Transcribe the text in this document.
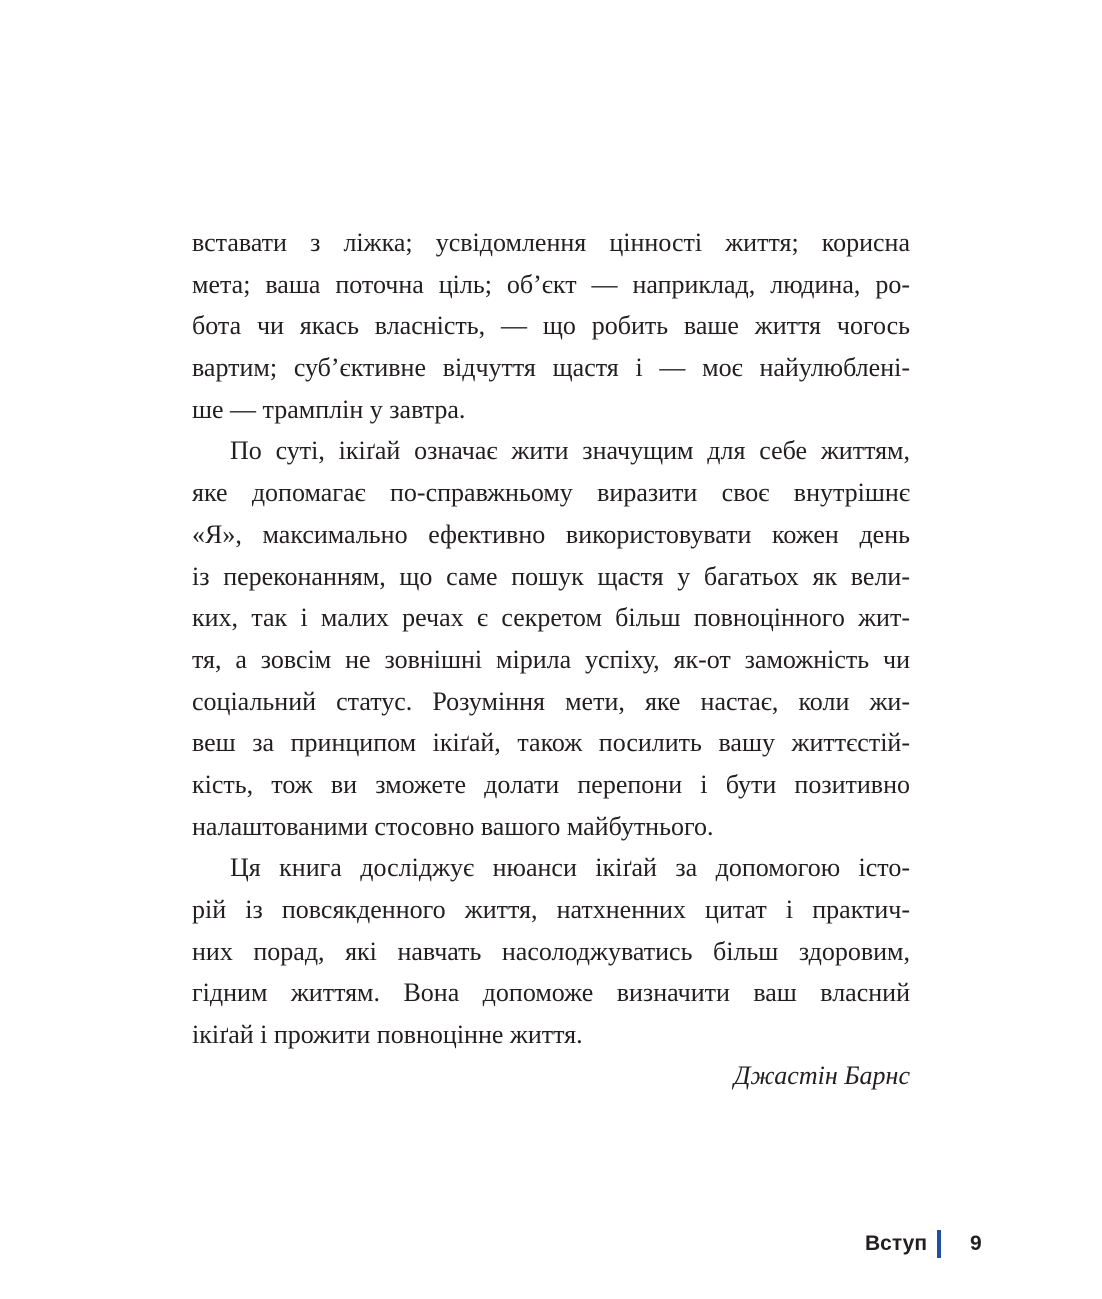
вставати з ліжка; усвідомлення цінності життя; корисна
мета; ваша поточна ціль; об’єкт — наприклад, людина, ро-
бота чи якась власність, — що робить ваше життя чогось
вартим; суб’єктивне відчуття щастя і — моє найулюблені-
ше — трамплін у завтра.
По суті, ікіґай означає жити значущим для себе життям,
яке допомагає по-справжньому виразити своє внутрішнє
«Я», максимально ефективно використовувати кожен день
із переконанням, що саме пошук щастя у багатьох як вели-
ких, так і малих речах є секретом більш повноцінного жит-
тя, а зовсім не зовнішні мірила успіху, як-от заможність чи
соціальний статус. Розуміння мети, яке настає, коли жи-
веш за принципом ікіґай, також посилить вашу життєстій-
кість, тож ви зможете долати перепони і бути позитивно
налаштованими стосовно вашого майбутнього.
Ця книга досліджує нюанси ікіґай за допомогою істо-
рій із повсякденного життя, натхненних цитат і практич-
них порад, які навчать насолоджуватись більш здоровим,
гідним життям. Вона допоможе визначити ваш власний
ікіґай і прожити повноцінне життя.
Джастін Барнс
Вступ 9
